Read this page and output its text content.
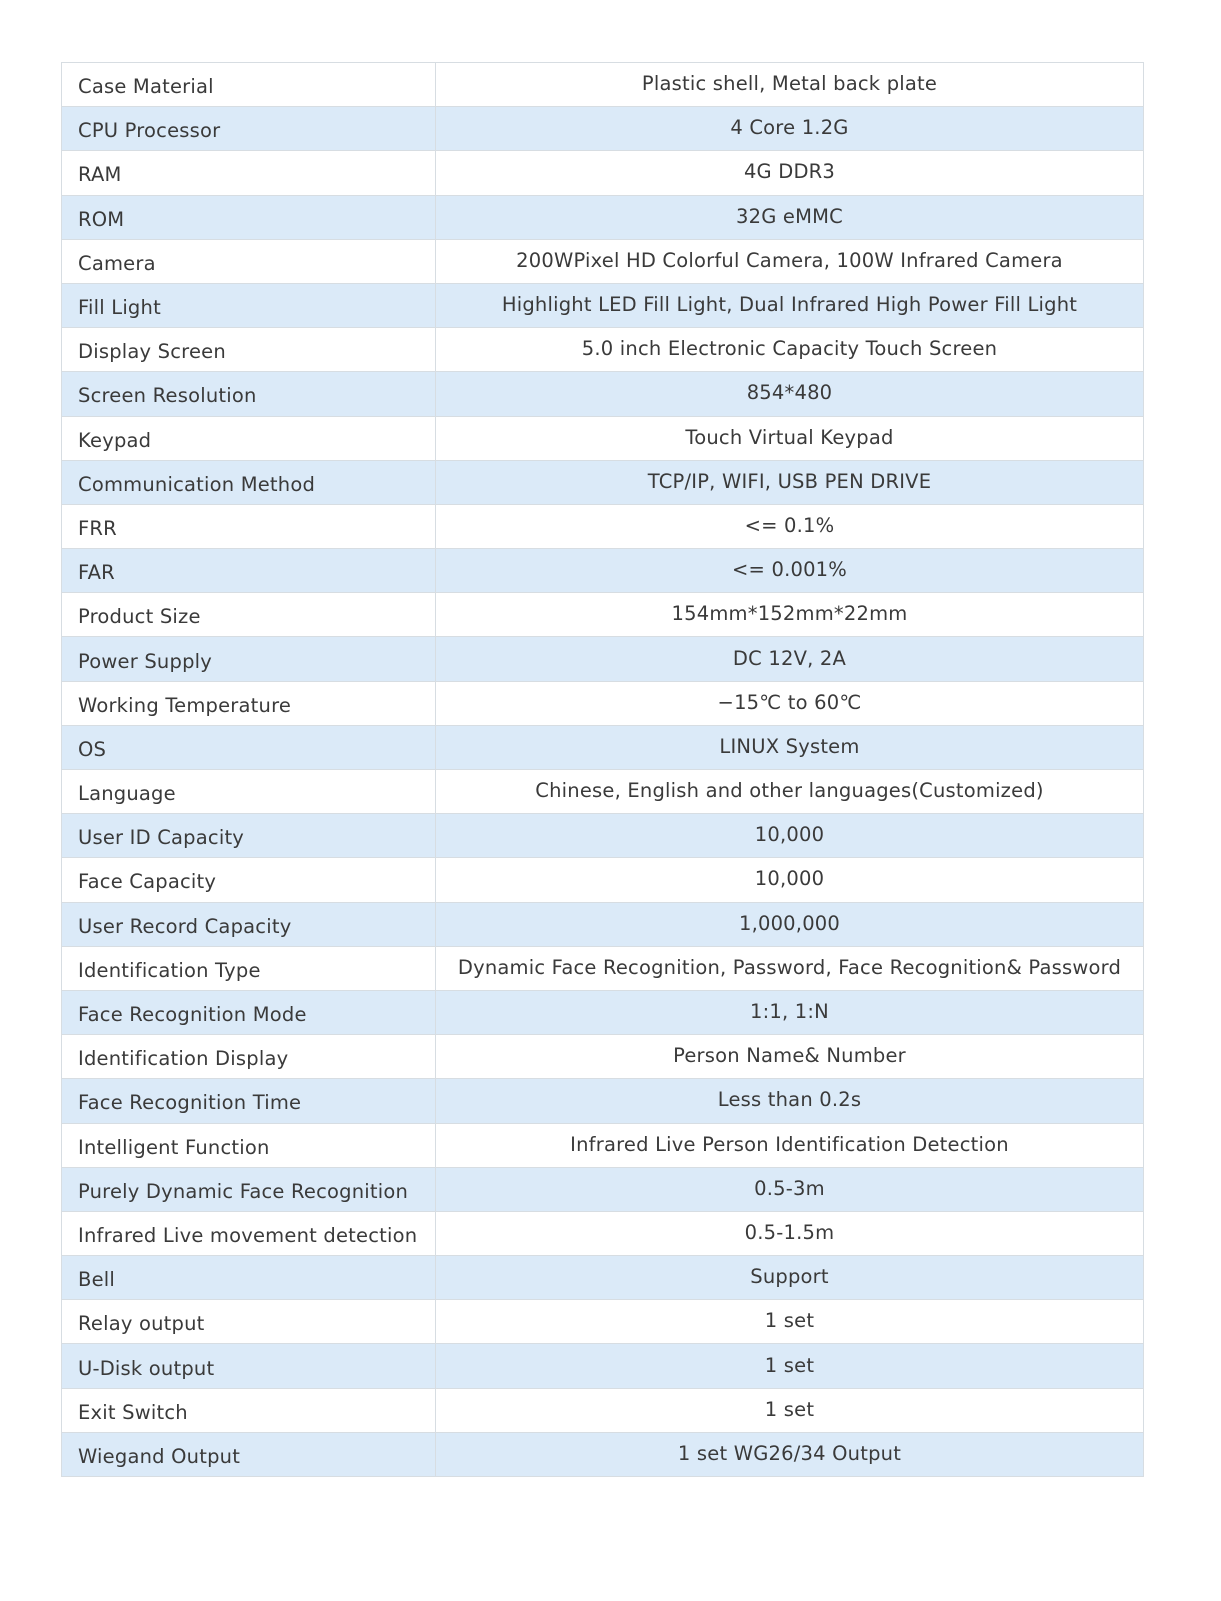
Case Material	Plastic shell, Metal back plate
CPU Processor	4 Core 1.2G
RAM	4G DDR3
ROM	32G eMMC
Camera	200WPixel HD Colorful Camera, 100W Infrared Camera
Fill Light	Highlight LED Fill Light, Dual Infrared High Power Fill Light
Display Screen	5.0 inch Electronic Capacity Touch Screen
Screen Resolution	854*480
Keypad	Touch Virtual Keypad
Communication Method	TCP/IP, WIFI, USB PEN DRIVE
FRR	<= 0.1%
FAR	<= 0.001%
Product Size	154mm*152mm*22mm
Power Supply	DC 12V, 2A
Working Temperature	−15℃ to 60℃
OS	LINUX System
Language	Chinese, English and other languages(Customized)
User ID Capacity	10,000
Face Capacity	10,000
User Record Capacity	1,000,000
Identification Type	Dynamic Face Recognition, Password, Face Recognition& Password
Face Recognition Mode	1:1, 1:N
Identification Display	Person Name& Number
Face Recognition Time	Less than 0.2s
Intelligent Function	Infrared Live Person Identification Detection
Purely Dynamic Face Recognition	0.5-3m
Infrared Live movement detection	0.5-1.5m
Bell	Support
Relay output	1 set
U-Disk output	1 set
Exit Switch	1 set
Wiegand Output	1 set WG26/34 Output
